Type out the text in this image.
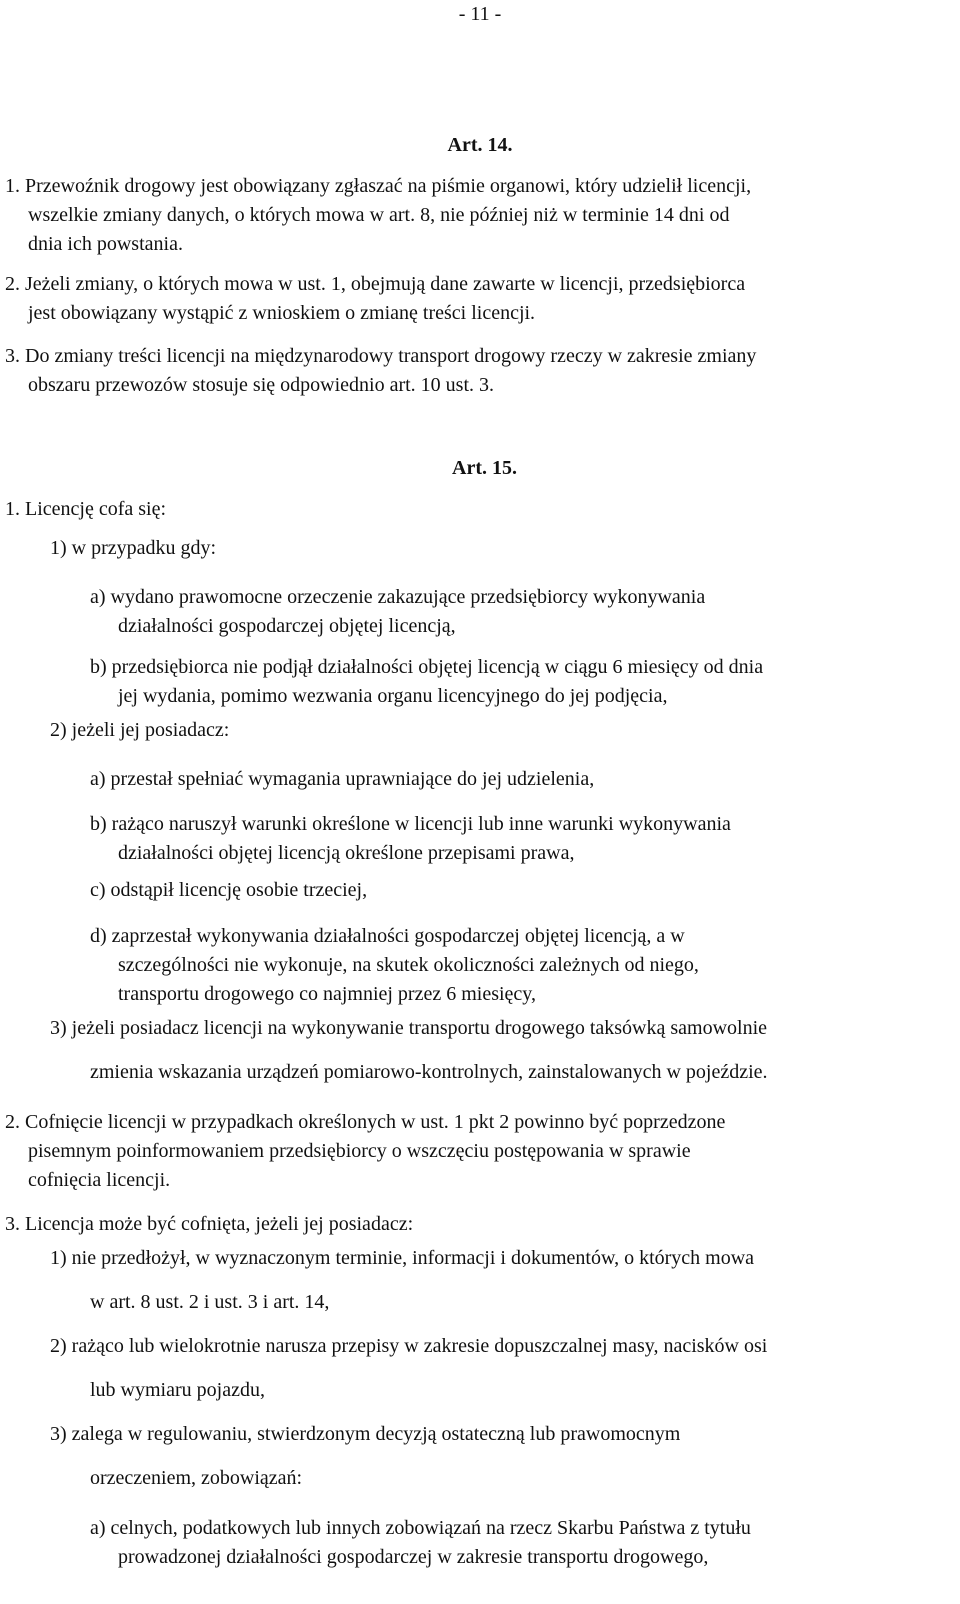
- 11 -
Art. 14.
1. Przewoźnik drogowy jest obowiązany zgłaszać na piśmie organowi, który udzielił licencji,
wszelkie zmiany danych, o których mowa w art. 8, nie później niż w terminie 14 dni od
dnia ich powstania.
2. Jeżeli zmiany, o których mowa w ust. 1, obejmują dane zawarte w licencji, przedsiębiorca
jest obowiązany wystąpić z wnioskiem o zmianę treści licencji.
3. Do zmiany treści licencji na międzynarodowy transport drogowy rzeczy w zakresie zmiany
obszaru przewozów stosuje się odpowiednio art. 10 ust. 3.
Art. 15.
1. Licencję cofa się:
1) w przypadku gdy:
a) wydano prawomocne orzeczenie zakazujące przedsiębiorcy wykonywania
działalności gospodarczej objętej licencją,
b) przedsiębiorca nie podjął działalności objętej licencją w ciągu 6 miesięcy od dnia
jej wydania, pomimo wezwania organu licencyjnego do jej podjęcia,
2) jeżeli jej posiadacz:
a) przestał spełniać wymagania uprawniające do jej udzielenia,
b) rażąco naruszył warunki określone w licencji lub inne warunki wykonywania
działalności objętej licencją określone przepisami prawa,
c) odstąpił licencję osobie trzeciej,
d) zaprzestał wykonywania działalności gospodarczej objętej licencją, a w
szczególności nie wykonuje, na skutek okoliczności zależnych od niego,
transportu drogowego co najmniej przez 6 miesięcy,
3) jeżeli posiadacz licencji na wykonywanie transportu drogowego taksówką samowolnie
zmienia wskazania urządzeń pomiarowo-kontrolnych, zainstalowanych w pojeździe.
2. Cofnięcie licencji w przypadkach określonych w ust. 1 pkt 2 powinno być poprzedzone
pisemnym poinformowaniem przedsiębiorcy o wszczęciu postępowania w sprawie
cofnięcia licencji.
3. Licencja może być cofnięta, jeżeli jej posiadacz:
1) nie przedłożył, w wyznaczonym terminie, informacji i dokumentów, o których mowa
w art. 8 ust. 2 i ust. 3 i art. 14,
2) rażąco lub wielokrotnie narusza przepisy w zakresie dopuszczalnej masy, nacisków osi
lub wymiaru pojazdu,
3) zalega w regulowaniu, stwierdzonym decyzją ostateczną lub prawomocnym
orzeczeniem, zobowiązań:
a) celnych, podatkowych lub innych zobowiązań na rzecz Skarbu Państwa z tytułu
prowadzonej działalności gospodarczej w zakresie transportu drogowego,
